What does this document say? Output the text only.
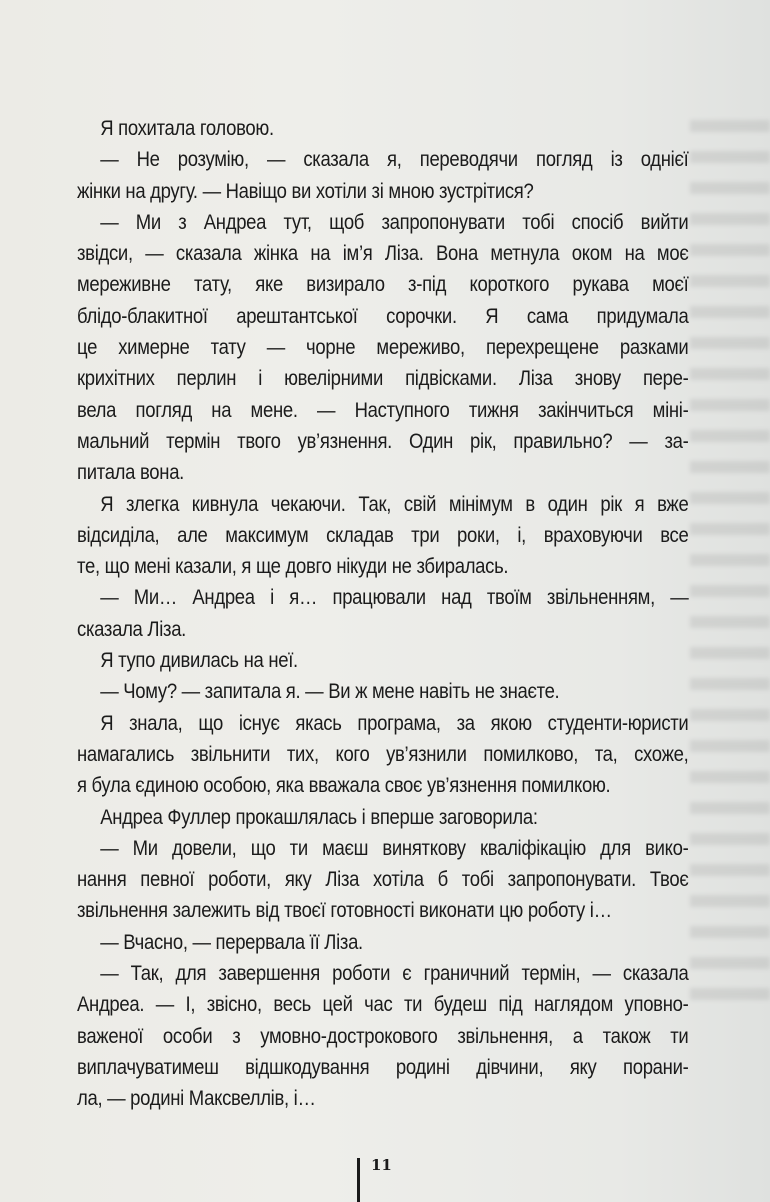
Я похитала головою.
— Не розумію, — сказала я, переводячи погляд із однієї
жінки на другу. — Навіщо ви хотіли зі мною зустрітися?
— Ми з Андреа тут, щоб запропонувати тобі спосіб вийти
звідси, — сказала жінка на ім’я Ліза. Вона метнула оком на моє
мереживне тату, яке визирало з-під короткого рукава моєї
блідо-блакитної арештантської сорочки. Я сама придумала
це химерне тату — чорне мереживо, перехрещене разками
крихітних перлин і ювелірними підвісками. Ліза знову пере-
вела погляд на мене. — Наступного тижня закінчиться міні-
мальний термін твого ув’язнення. Один рік, правильно? — за-
питала вона.
Я злегка кивнула чекаючи. Так, свій мінімум в один рік я вже
відсиділа, але максимум складав три роки, і, враховуючи все
те, що мені казали, я ще довго нікуди не збиралась.
— Ми… Андреа і я… працювали над твоїм звільненням, —
сказала Ліза.
Я тупо дивилась на неї.
— Чому? — запитала я. — Ви ж мене навіть не знаєте.
Я знала, що існує якась програма, за якою студенти-юристи
намагались звільнити тих, кого ув’язнили помилково, та, схоже,
я була єдиною особою, яка вважала своє ув’язнення помилкою.
Андреа Фуллер прокашлялась і вперше заговорила:
— Ми довели, що ти маєш виняткову кваліфікацію для вико-
нання певної роботи, яку Ліза хотіла б тобі запропонувати. Твоє
звільнення залежить від твоєї готовності виконати цю роботу і…
— Вчасно, — перервала її Ліза.
— Так, для завершення роботи є граничний термін, — сказала
Андреа. — І, звісно, весь цей час ти будеш під наглядом уповно-
важеної особи з умовно-дострокового звільнення, а також ти
виплачуватимеш відшкодування родині дівчини, яку порани-
ла, — родині Максвеллів, і…
11
